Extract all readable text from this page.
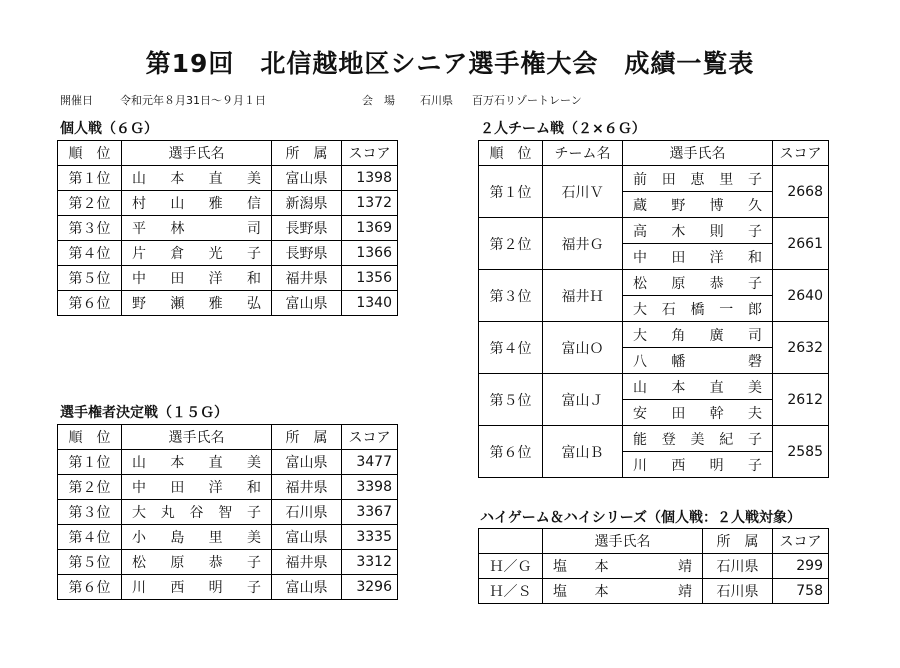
第19回　北信越地区シニア選手権大会　成績一覧表
開催日 令和元年８月31日～９月１日	会　場 石川県 百万石リゾートレーン
個人戦（６Ｇ）
順　位	選手氏名	所　属	スコア
第１位	山本直美	富山県	1398
第２位	村山雅信	新潟県	1372
第３位	平林　司	長野県	1369
第４位	片倉光子	長野県	1366
第５位	中田洋和	福井県	1356
第６位	野瀬雅弘	富山県	1340
選手権者決定戦（１５Ｇ）
順　位	選手氏名	所　属	スコア
第１位	山本直美	富山県	3477
第２位	中田洋和	福井県	3398
第３位	大丸谷智子	石川県	3367
第４位	小島里美	富山県	3335
第５位	松原恭子	福井県	3312
第６位	川西明子	富山県	3296
２人チーム戦（２×６Ｇ）
順　位	チーム名	選手氏名	スコア
第１位	石川Ｖ	前田恵里子	2668
		蔵野博久	
第２位	福井Ｇ	高木則子	2661
		中田洋和	
第３位	福井Ｈ	松原恭子	2640
		大石橋一郎	
第４位	富山Ｏ	大角廣司	2632
		八幡　磬	
第５位	富山Ｊ	山本直美	2612
		安田幹夫	
第６位	富山Ｂ	能登美紀子	2585
		川西明子	
ハイゲーム＆ハイシリーズ（個人戦：２人戦対象）
	選手氏名	所　属	スコア
Ｈ／Ｇ	塩本　靖	石川県	299
Ｈ／Ｓ	塩本　靖	石川県	758
